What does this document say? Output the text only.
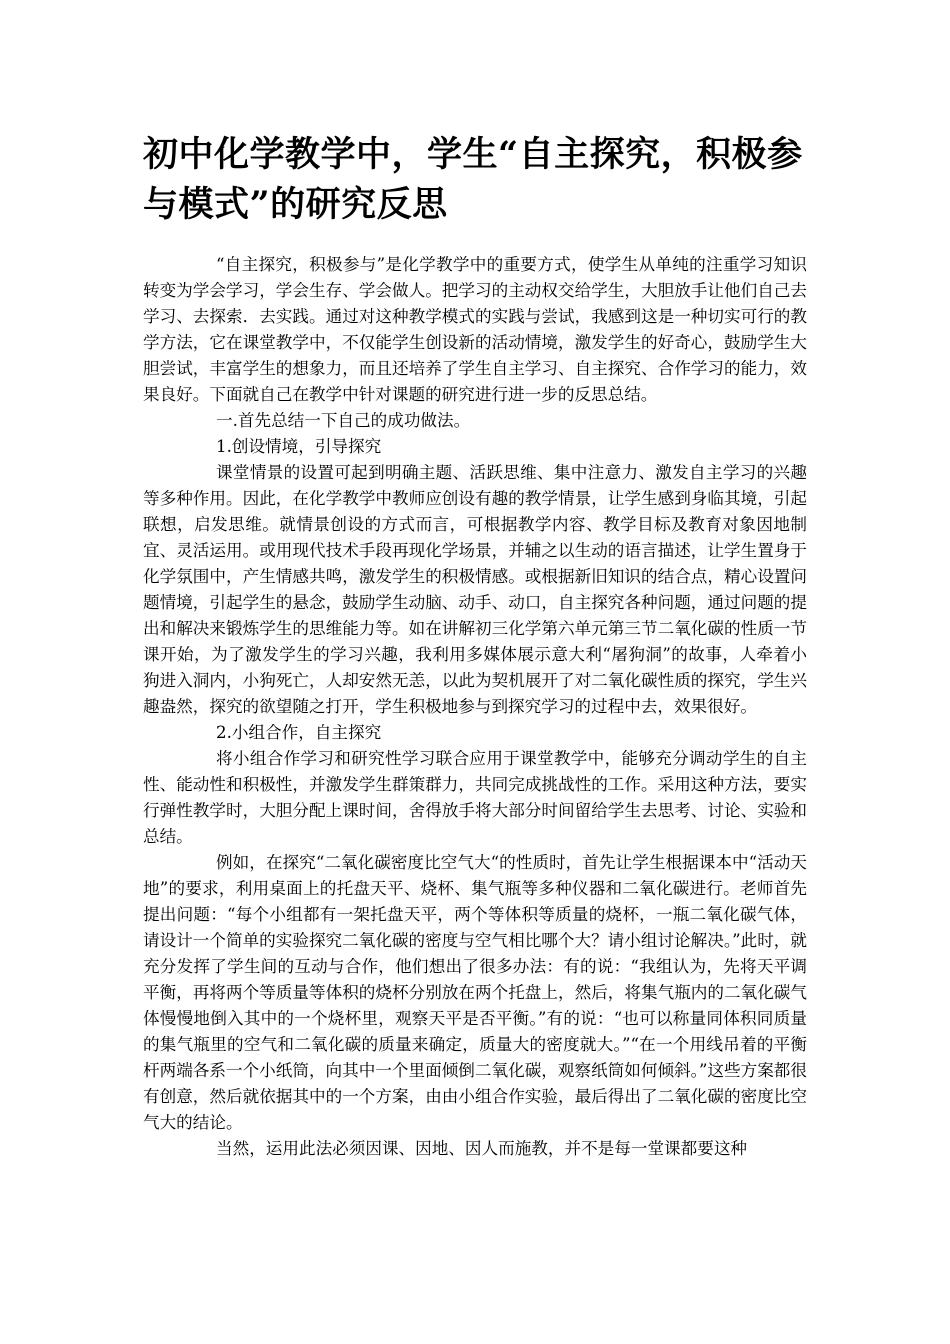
初中化学教学中，学生“自主探究，积极参与模式”的研究反思

“自主探究，积极参与”是化学教学中的重要方式，使学生从单纯的注重学习知识转变为学会学习，学会生存、学会做人。把学习的主动权交给学生，大胆放手让他们自己去学习、去探索．去实践。通过对这种教学模式的实践与尝试，我感到这是一种切实可行的教学方法，它在课堂教学中，不仅能学生创设新的活动情境，激发学生的好奇心，鼓励学生大胆尝试，丰富学生的想象力，而且还培养了学生自主学习、自主探究、合作学习的能力，效果良好。下面就自己在教学中针对课题的研究进行进一步的反思总结。

一.首先总结一下自己的成功做法。

1.创设情境，引导探究

课堂情景的设置可起到明确主题、活跃思维、集中注意力、激发自主学习的兴趣等多种作用。因此，在化学教学中教师应创设有趣的教学情景，让学生感到身临其境，引起联想，启发思维。就情景创设的方式而言，可根据教学内容、教学目标及教育对象因地制宜、灵活运用。或用现代技术手段再现化学场景，并辅之以生动的语言描述，让学生置身于化学氛围中，产生情感共鸣，激发学生的积极情感。或根据新旧知识的结合点，精心设置问题情境，引起学生的悬念，鼓励学生动脑、动手、动口，自主探究各种问题，通过问题的提出和解决来锻炼学生的思维能力等。如在讲解初三化学第六单元第三节二氧化碳的性质一节课开始，为了激发学生的学习兴趣，我利用多媒体展示意大利“屠狗洞”的故事，人牵着小狗进入洞内，小狗死亡，人却安然无恙，以此为契机展开了对二氧化碳性质的探究，学生兴趣盎然，探究的欲望随之打开，学生积极地参与到探究学习的过程中去，效果很好。

2.小组合作，自主探究

将小组合作学习和研究性学习联合应用于课堂教学中，能够充分调动学生的自主性、能动性和积极性，并激发学生群策群力，共同完成挑战性的工作。采用这种方法，要实行弹性教学时，大胆分配上课时间，舍得放手将大部分时间留给学生去思考、讨论、实验和总结。

例如，在探究“二氧化碳密度比空气大“的性质时，首先让学生根据课本中“活动天地”的要求，利用桌面上的托盘天平、烧杯、集气瓶等多种仪器和二氧化碳进行。老师首先提出问题：“每个小组都有一架托盘天平，两个等体积等质量的烧杯，一瓶二氧化碳气体，请设计一个简单的实验探究二氧化碳的密度与空气相比哪个大？请小组讨论解决。”此时，就充分发挥了学生间的互动与合作，他们想出了很多办法：有的说：“我组认为，先将天平调平衡，再将两个等质量等体积的烧杯分别放在两个托盘上，然后，将集气瓶内的二氧化碳气体慢慢地倒入其中的一个烧杯里，观察天平是否平衡。”有的说：“也可以称量同体积同质量的集气瓶里的空气和二氧化碳的质量来确定，质量大的密度就大。”“在一个用线吊着的平衡杆两端各系一个小纸筒，向其中一个里面倾倒二氧化碳，观察纸筒如何倾斜。”这些方案都很有创意，然后就依据其中的一个方案，由由小组合作实验，最后得出了二氧化碳的密度比空气大的结论。

当然，运用此法必须因课、因地、因人而施教，并不是每一堂课都要这种
